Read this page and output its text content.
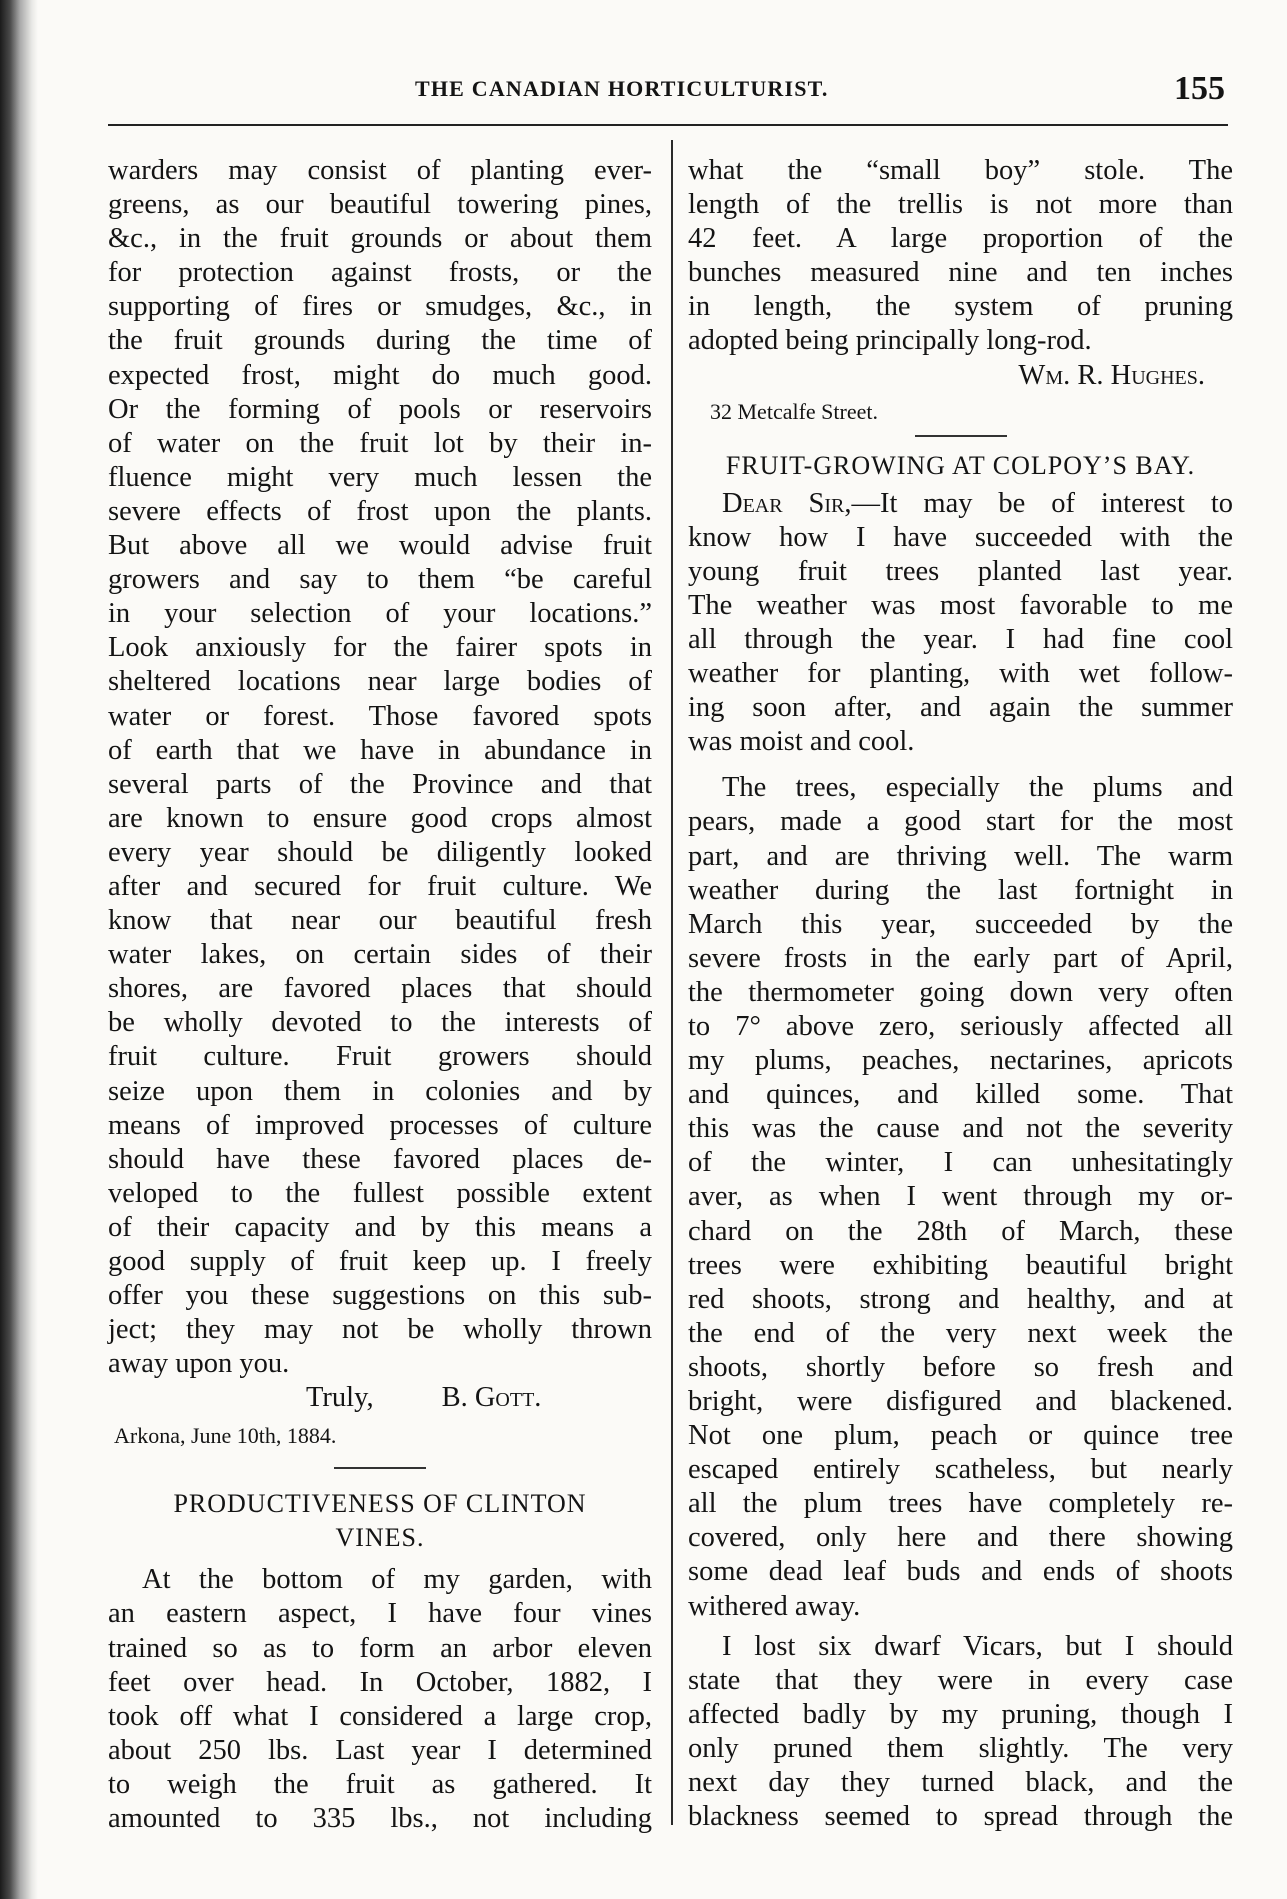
THE CANADIAN HORTICULTURIST.	155
warders may consist of planting ever-
greens, as our beautiful towering pines,
&c., in the fruit grounds or about them
for protection against frosts, or the
supporting of fires or smudges, &c., in
the fruit grounds during the time of
expected frost, might do much good.
Or the forming of pools or reservoirs
of water on the fruit lot by their in-
fluence might very much lessen the
severe effects of frost upon the plants.
But above all we would advise fruit
growers and say to them “be careful
in your selection of your locations.”
Look anxiously for the fairer spots in
sheltered locations near large bodies of
water or forest. Those favored spots
of earth that we have in abundance in
several parts of the Province and that
are known to ensure good crops almost
every year should be diligently looked
after and secured for fruit culture. We
know that near our beautiful fresh
water lakes, on certain sides of their
shores, are favored places that should
be wholly devoted to the interests of
fruit culture. Fruit growers should
seize upon them in colonies and by
means of improved processes of culture
should have these favored places de-
veloped to the fullest possible extent
of their capacity and by this means a
good supply of fruit keep up. I freely
offer you these suggestions on this sub-
ject; they may not be wholly thrown
away upon you.
Truly, B. Gott.
Arkona, June 10th, 1884.
PRODUCTIVENESS OF CLINTON
VINES.
At the bottom of my garden, with
an eastern aspect, I have four vines
trained so as to form an arbor eleven
feet over head. In October, 1882, I
took off what I considered a large crop,
about 250 lbs. Last year I determined
to weigh the fruit as gathered. It
amounted to 335 lbs., not including
what the “small boy” stole. The
length of the trellis is not more than
42 feet. A large proportion of the
bunches measured nine and ten inches
in length, the system of pruning
adopted being principally long-rod.
Wm. R. Hughes.
32 Metcalfe Street.
FRUIT-GROWING AT COLPOY’S BAY.
Dear Sir,—It may be of interest to
know how I have succeeded with the
young fruit trees planted last year.
The weather was most favorable to me
all through the year. I had fine cool
weather for planting, with wet follow-
ing soon after, and again the summer
was moist and cool.
The trees, especially the plums and
pears, made a good start for the most
part, and are thriving well. The warm
weather during the last fortnight in
March this year, succeeded by the
severe frosts in the early part of April,
the thermometer going down very often
to 7° above zero, seriously affected all
my plums, peaches, nectarines, apricots
and quinces, and killed some. That
this was the cause and not the severity
of the winter, I can unhesitatingly
aver, as when I went through my or-
chard on the 28th of March, these
trees were exhibiting beautiful bright
red shoots, strong and healthy, and at
the end of the very next week the
shoots, shortly before so fresh and
bright, were disfigured and blackened.
Not one plum, peach or quince tree
escaped entirely scatheless, but nearly
all the plum trees have completely re-
covered, only here and there showing
some dead leaf buds and ends of shoots
withered away.
I lost six dwarf Vicars, but I should
state that they were in every case
affected badly by my pruning, though I
only pruned them slightly. The very
next day they turned black, and the
blackness seemed to spread through the
